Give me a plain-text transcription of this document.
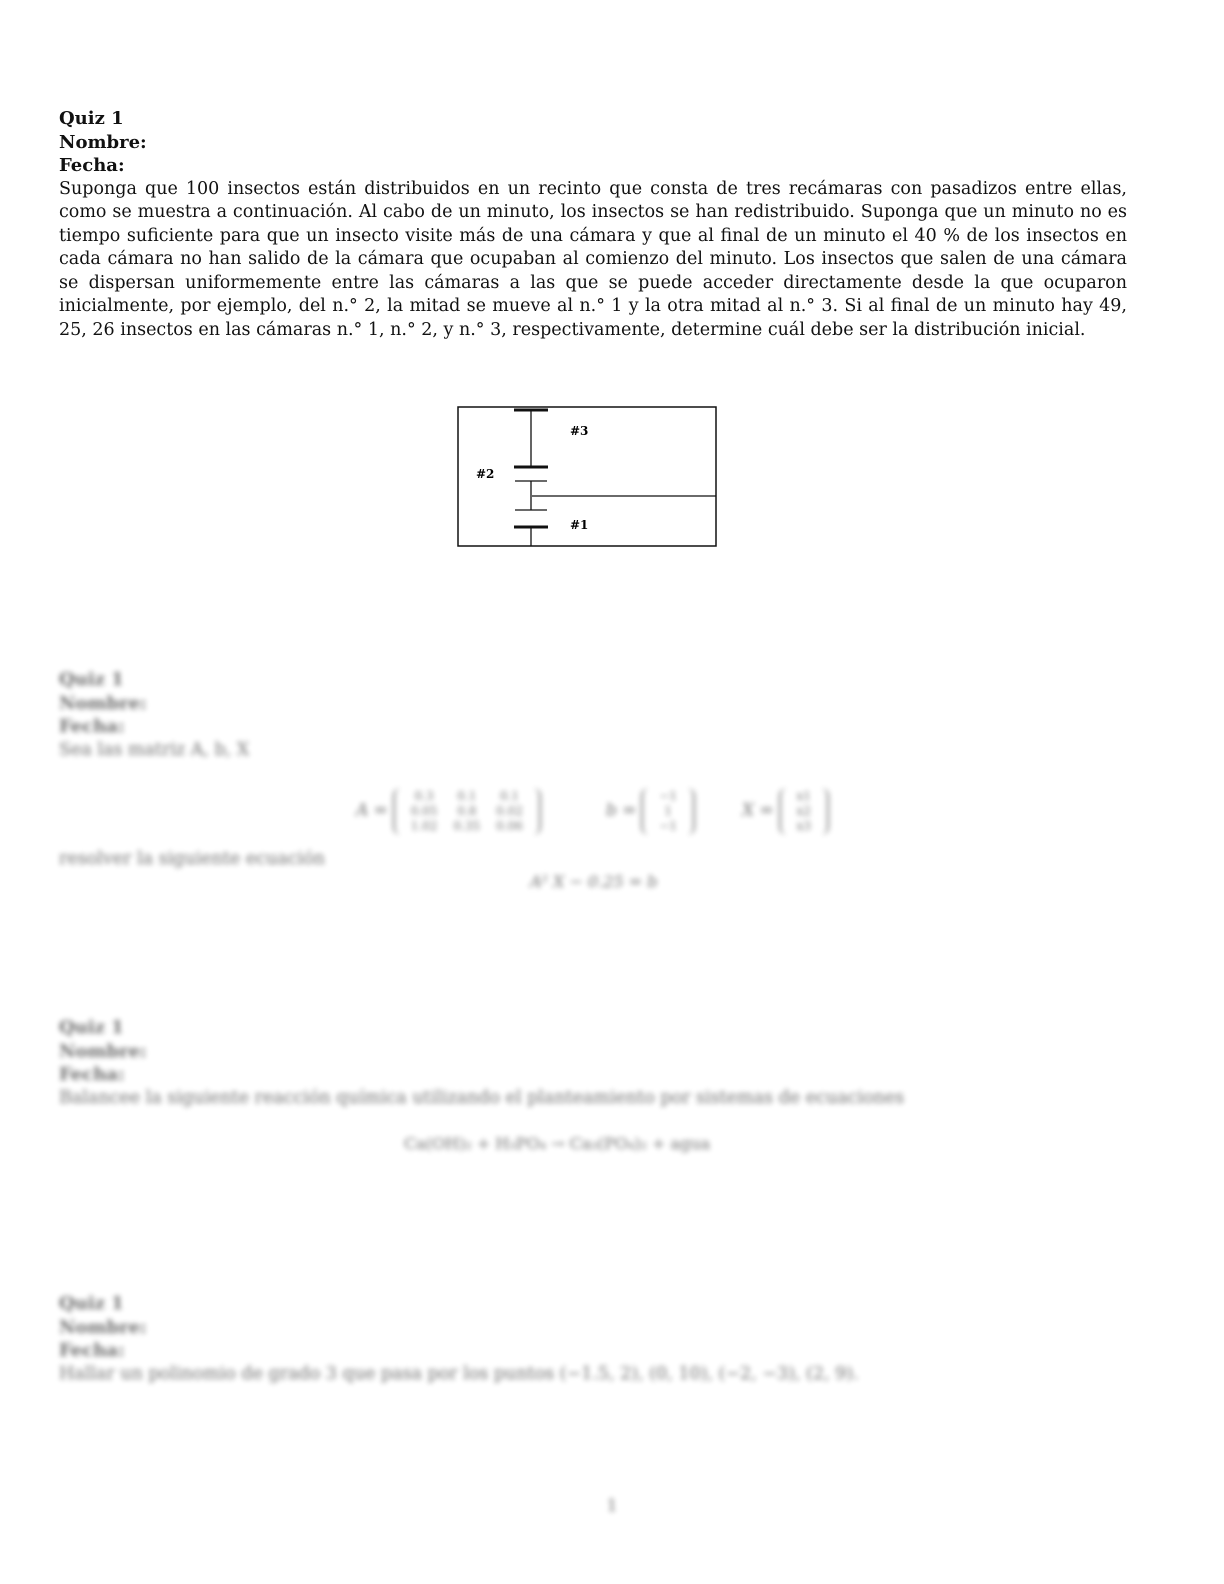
Quiz 1
Nombre:
Fecha:

Suponga que 100 insectos están distribuidos en un recinto que consta de tres recámaras con pasadizos entre ellas, como se muestra a continuación. Al cabo de un minuto, los insectos se han redistribuido. Suponga que un minuto no es tiempo suficiente para que un insecto visite más de una cámara y que al final de un minuto el 40 % de los insectos en cada cámara no han salido de la cámara que ocupaban al comienzo del minuto. Los insectos que salen de una cámara se dispersan uniformemente entre las cámaras a las que se puede acceder directamente desde la que ocuparon inicialmente, por ejemplo, del n.° 2, la mitad se mueve al n.° 1 y la otra mitad al n.° 3. Si al final de un minuto hay 49, 25, 26 insectos en las cámaras n.° 1, n.° 2, y n.° 3, respectivamente, determine cuál debe ser la distribución inicial.

#3
#2
#1
Quiz 1
Nombre:
Fecha:
Sea las matriz A, b, X
A =
0.3	0.1	0.1
0.05	0.8	0.02
1.02	0.35	0.06
b =
−1
1
−1
X =
x1
x2
x3
resolver la siguiente ecuación
A² X − 0.25 = b
Quiz 1
Nombre:
Fecha:
Balancee la siguiente reacción química utilizando el planteamiento por sistemas de ecuaciones
Ca(OH)₂ + H₃PO₄ → Ca₃(PO₄)₂ + agua
Quiz 1
Nombre:
Fecha:
Hallar un polinomio de grado 3 que pasa por los puntos (−1.5, 2), (0, 10), (−2, −3), (2, 9).
1
